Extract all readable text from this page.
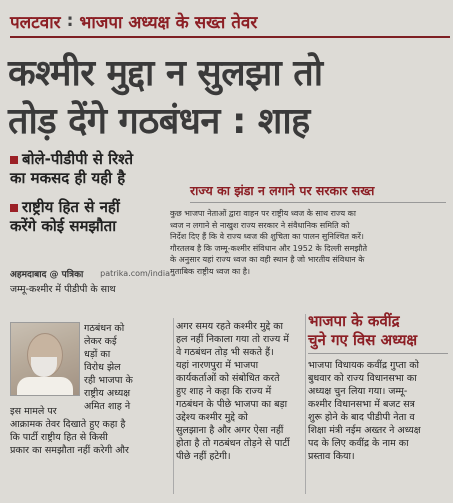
पलटवार : भाजपा अध्यक्ष के सख्त तेवर
कश्मीर मुद्दा न सुलझा तो
तोड़ देंगे गठबंधन : शाह
बोले-पीडीपी से रिश्ते
का मकसद ही यही है
राष्ट्रीय हित से नहीं
करेंगे कोई समझौता
राज्य का झंडा न लगाने पर सरकार सख्त
कुछ भाजपा नेताओं द्वारा वाहन पर राष्ट्रीय ध्वज के साथ राज्य का
ध्वज न लगाने से नाखुश राज्य सरकार ने संवैधानिक समिति को
निर्देश दिए हैं कि वे राज्य ध्वज की शुचिता का पालन सुनिश्चित करें।
गौरतलब है कि जम्मू-कश्मीर संविधान और 1952 के दिल्ली समझौते
के अनुसार यहां राज्य ध्वज का वही स्थान है जो भारतीय संविधान के
मुताबिक राष्ट्रीय ध्वज का है।
अहमदाबाद @ पत्रिका patrika.com/india
जम्मू-कश्मीर में पीडीपी के साथ
गठबंधन को
लेकर कई
धड़ों का
विरोध झेल
रही भाजपा के
राष्ट्रीय अध्यक्ष
अमित शाह ने
इस मामले पर
आक्रामक तेवर दिखाते हुए कहा है
कि पार्टी राष्ट्रीय हित से किसी
प्रकार का समझौता नहीं करेगी और
अगर समय रहते कश्मीर मुद्दे का
हल नहीं निकाला गया तो राज्य में
वे गठबंधन तोड़ भी सकते हैं।
यहां नारणपुरा में भाजपा
कार्यकर्ताओं को संबोधित करते
हुए शाह ने कहा कि राज्य में
गठबंधन के पीछे भाजपा का बड़ा
उद्देश्य कश्मीर मुद्दे को
सुलझाना है और अगर ऐसा नहीं
होता है तो गठबंधन तोड़ने से पार्टी
पीछे नहीं हटेगी।
भाजपा के कवींद्र
चुने गए विस अध्यक्ष
भाजपा विधायक कवींद्र गुप्ता को
बुधवार को राज्य विधानसभा का
अध्यक्ष चुन लिया गया। जम्मू-
कश्मीर विधानसभा में बजट सत्र
शुरू होने के बाद पीडीपी नेता व
शिक्षा मंत्री नईम अख्तर ने अध्यक्ष
पद के लिए कवींद्र के नाम का
प्रस्ताव किया।
